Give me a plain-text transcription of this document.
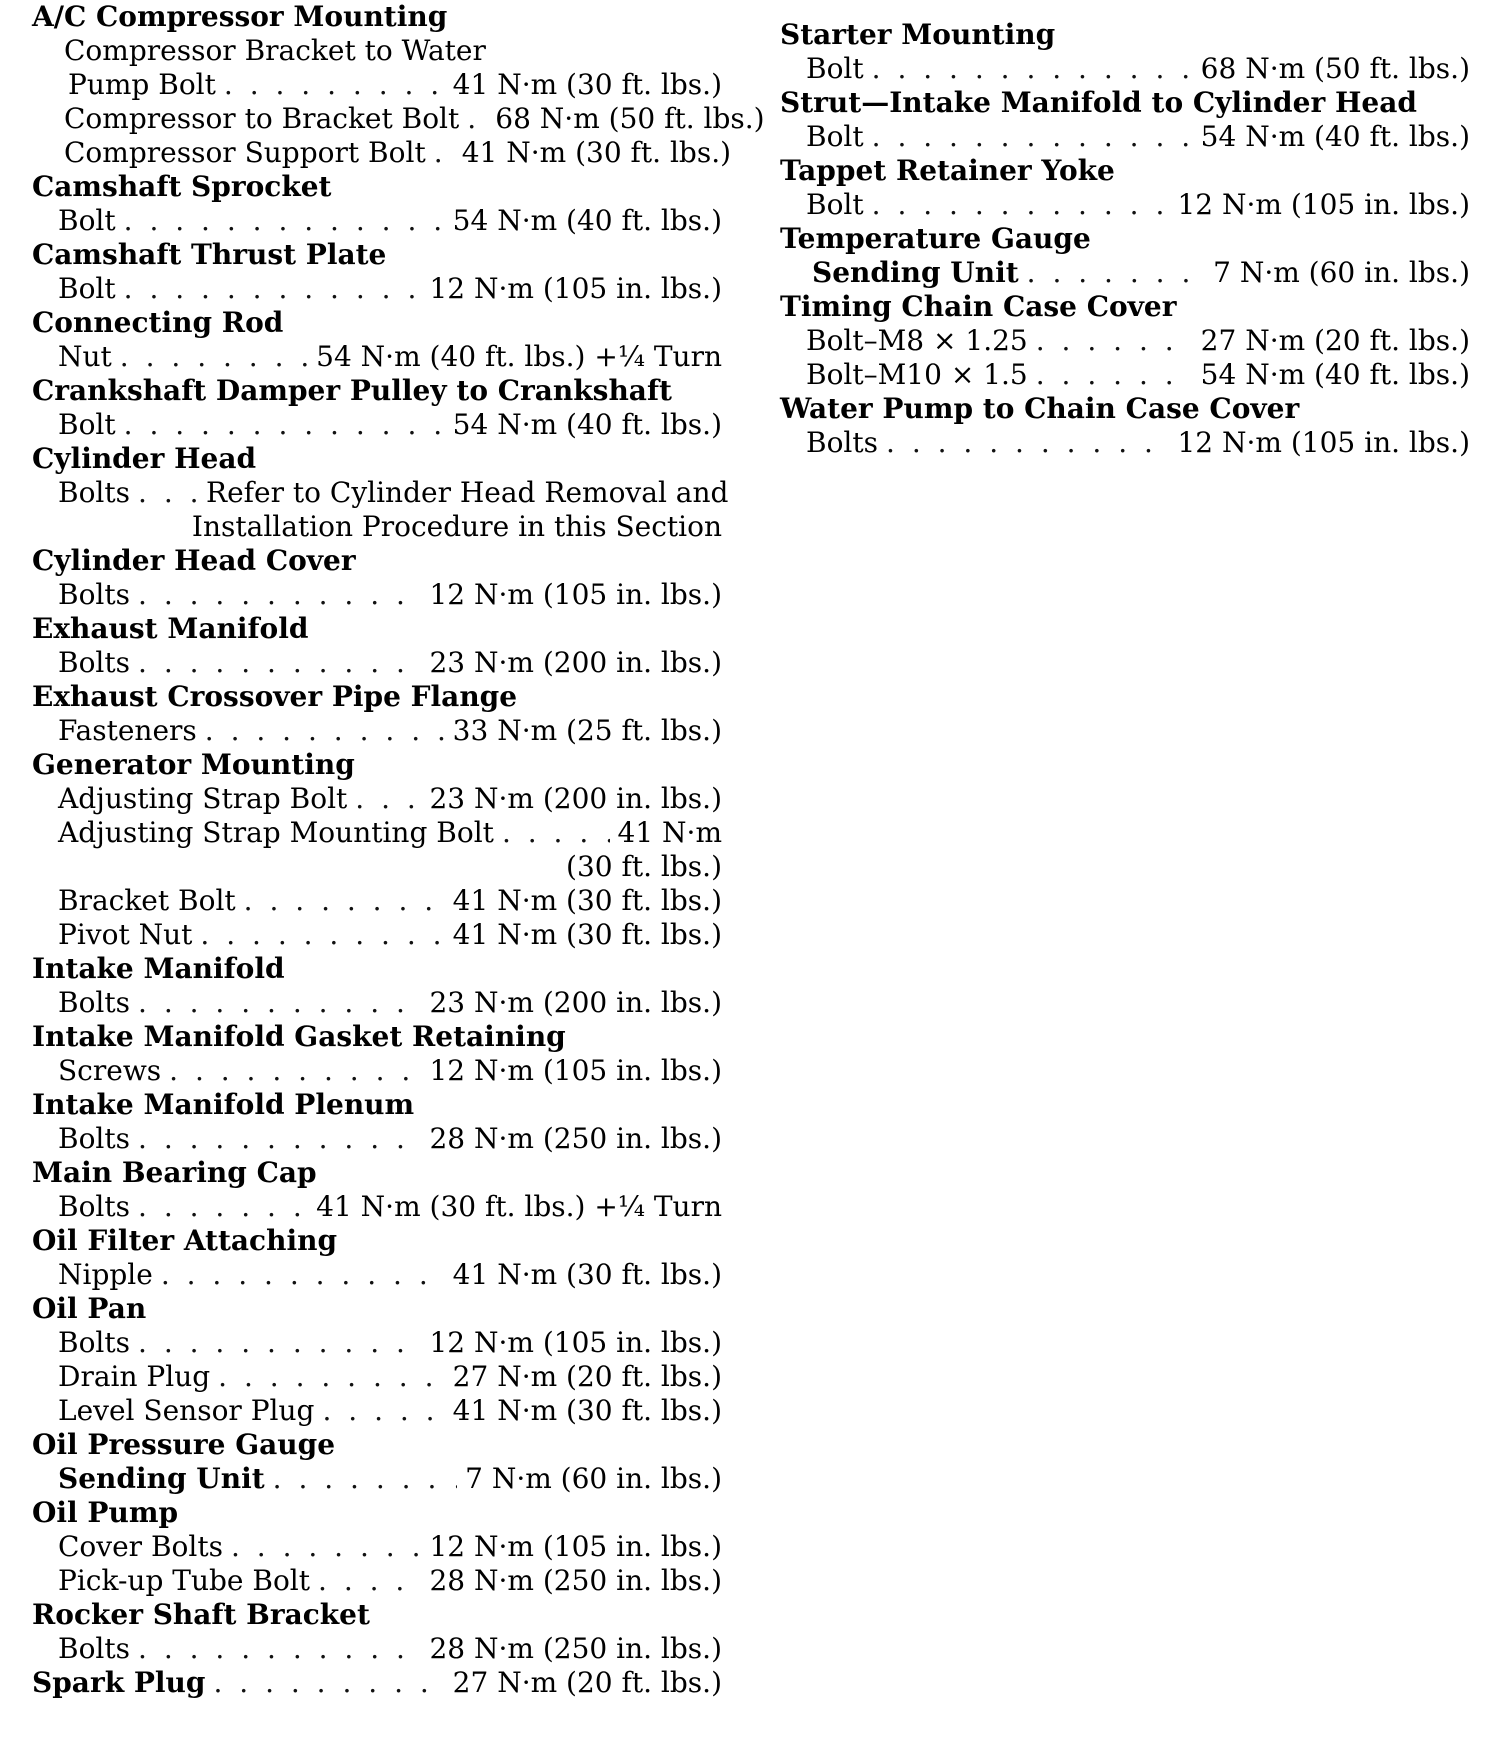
A/C Compressor Mounting
Compressor Bracket to Water
Pump Bolt . . .	41 N·m (30 ft. lbs.)
Compressor to Bracket Bolt . . . 68 N·m (50 ft. lbs.)
Compressor Support Bolt . . . 41 N·m (30 ft. lbs.)
Camshaft Sprocket
Bolt . . .	54 N·m (40 ft. lbs.)
Camshaft Thrust Plate
Bolt . . .	12 N·m (105 in. lbs.)
Connecting Rod
Nut . . .	54 N·m (40 ft. lbs.) +¼ Turn
Crankshaft Damper Pulley to Crankshaft
Bolt . . .	54 N·m (40 ft. lbs.)
Cylinder Head
Bolts . . .	Refer to Cylinder Head Removal and
Installation Procedure in this Section
Cylinder Head Cover
Bolts . . .	12 N·m (105 in. lbs.)
Exhaust Manifold
Bolts . . .	23 N·m (200 in. lbs.)
Exhaust Crossover Pipe Flange
Fasteners . . .	33 N·m (25 ft. lbs.)
Generator Mounting
Adjusting Strap Bolt . . .	23 N·m (200 in. lbs.)
Adjusting Strap Mounting Bolt . . .	41 N·m
(30 ft. lbs.)
Bracket Bolt . . .	41 N·m (30 ft. lbs.)
Pivot Nut . . .	41 N·m (30 ft. lbs.)
Intake Manifold
Bolts . . .	23 N·m (200 in. lbs.)
Intake Manifold Gasket Retaining
Screws . . .	12 N·m (105 in. lbs.)
Intake Manifold Plenum
Bolts . . .	28 N·m (250 in. lbs.)
Main Bearing Cap
Bolts . . .	41 N·m (30 ft. lbs.) +¼ Turn
Oil Filter Attaching
Nipple . . .	41 N·m (30 ft. lbs.)
Oil Pan
Bolts . . .	12 N·m (105 in. lbs.)
Drain Plug . . .	27 N·m (20 ft. lbs.)
Level Sensor Plug . . .	41 N·m (30 ft. lbs.)
Oil Pressure Gauge
Sending Unit . . .	7 N·m (60 in. lbs.)
Oil Pump
Cover Bolts . . .	12 N·m (105 in. lbs.)
Pick-up Tube Bolt . . .	28 N·m (250 in. lbs.)
Rocker Shaft Bracket
Bolts . . .	28 N·m (250 in. lbs.)
Spark Plug . . .	27 N·m (20 ft. lbs.)
Starter Mounting
Bolt . . .	68 N·m (50 ft. lbs.)
Strut—Intake Manifold to Cylinder Head
Bolt . . .	54 N·m (40 ft. lbs.)
Tappet Retainer Yoke
Bolt . . .	12 N·m (105 in. lbs.)
Temperature Gauge
Sending Unit . . .	7 N·m (60 in. lbs.)
Timing Chain Case Cover
Bolt–M8 × 1.25 . . .	27 N·m (20 ft. lbs.)
Bolt–M10 × 1.5 . . .	54 N·m (40 ft. lbs.)
Water Pump to Chain Case Cover
Bolts . . .	12 N·m (105 in. lbs.)
